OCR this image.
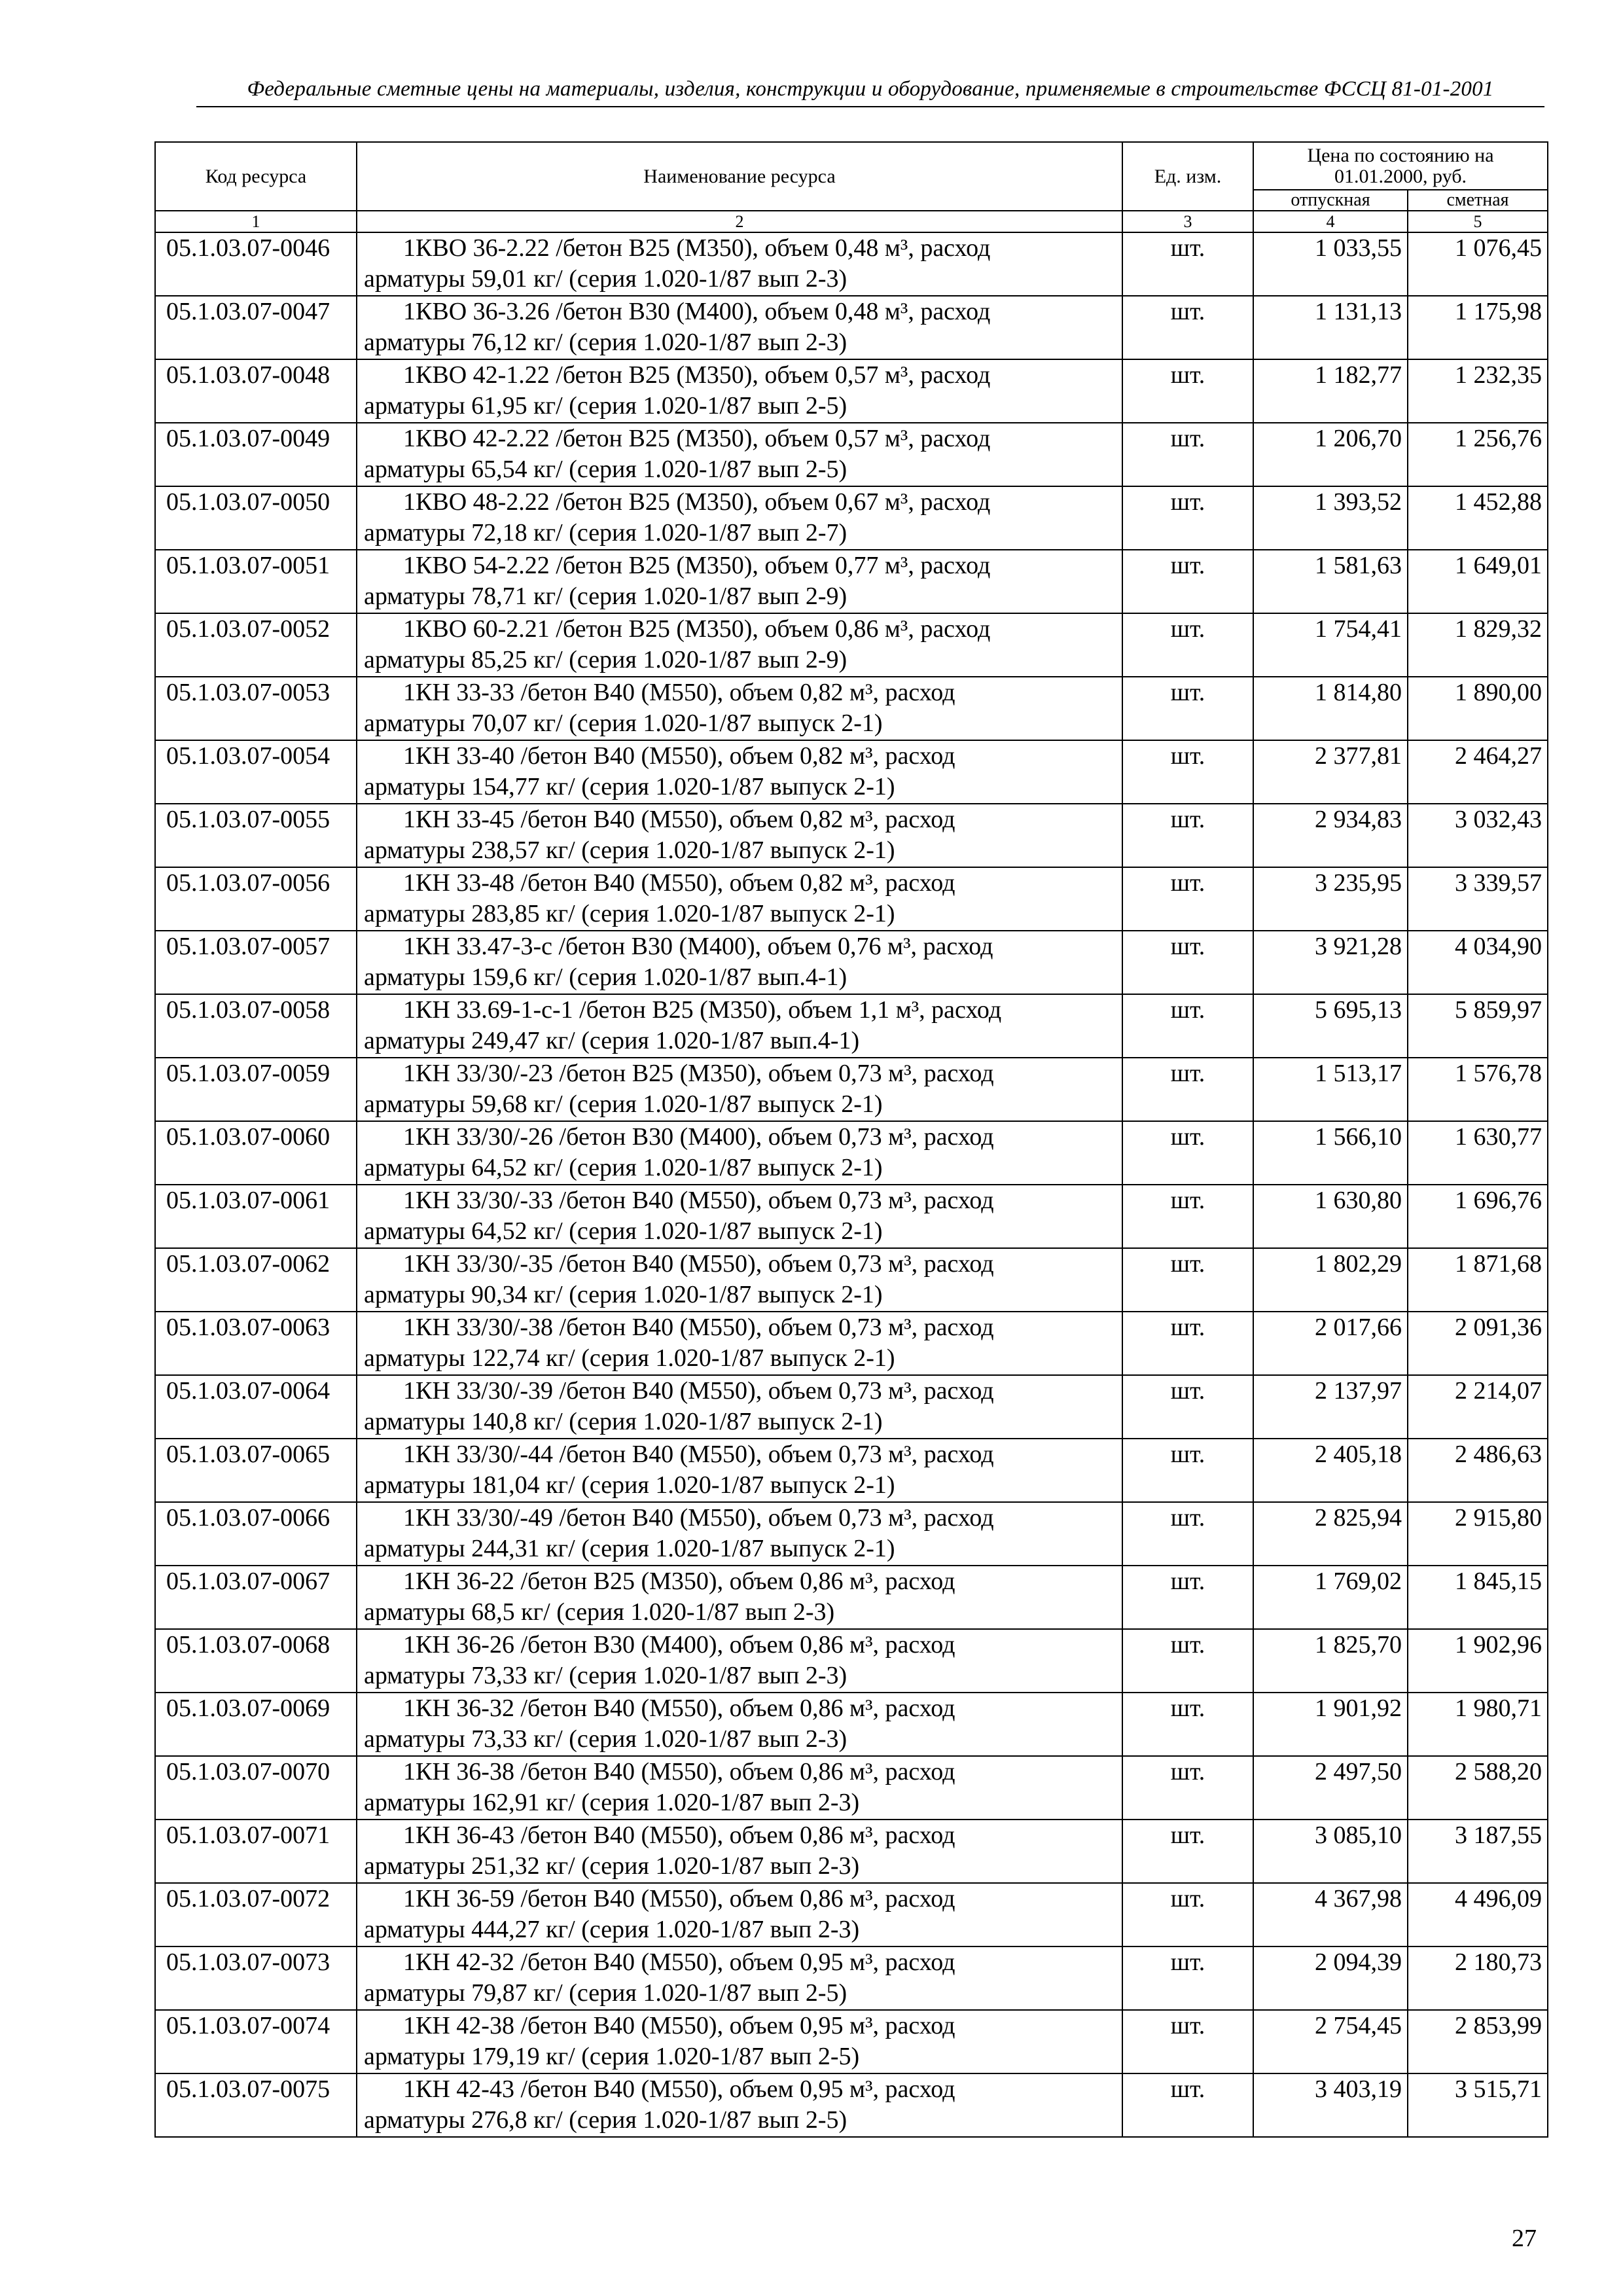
Федеральные сметные цены на материалы, изделия, конструкции и оборудование, применяемые в строительстве ФССЦ 81-01-2001
Код ресурса	Наименование ресурса	Ед. изм.	Цена по состоянию на
01.01.2000, руб.	

			отпускная	сметная
1	2	3	4	5
05.1.03.07-0046	1КВО 36-2.22 /бетон В25 (М350), объем 0,48 м³, расход
арматуры 59,01 кг/ (серия 1.020-1/87 вып 2-3)	шт.	1 033,55	1 076,45
05.1.03.07-0047	1КВО 36-3.26 /бетон В30 (М400), объем 0,48 м³, расход
арматуры 76,12 кг/ (серия 1.020-1/87 вып 2-3)	шт.	1 131,13	1 175,98
05.1.03.07-0048	1КВО 42-1.22 /бетон В25 (М350), объем 0,57 м³, расход
арматуры 61,95 кг/ (серия 1.020-1/87 вып 2-5)	шт.	1 182,77	1 232,35
05.1.03.07-0049	1КВО 42-2.22 /бетон В25 (М350), объем 0,57 м³, расход
арматуры 65,54 кг/ (серия 1.020-1/87 вып 2-5)	шт.	1 206,70	1 256,76
05.1.03.07-0050	1КВО 48-2.22 /бетон В25 (М350), объем 0,67 м³, расход
арматуры 72,18 кг/ (серия 1.020-1/87 вып 2-7)	шт.	1 393,52	1 452,88
05.1.03.07-0051	1КВО 54-2.22 /бетон В25 (М350), объем 0,77 м³, расход
арматуры 78,71 кг/ (серия 1.020-1/87 вып 2-9)	шт.	1 581,63	1 649,01
05.1.03.07-0052	1КВО 60-2.21 /бетон В25 (М350), объем 0,86 м³, расход
арматуры 85,25 кг/ (серия 1.020-1/87 вып 2-9)	шт.	1 754,41	1 829,32
05.1.03.07-0053	1КН 33-33 /бетон В40 (М550), объем 0,82 м³, расход
арматуры 70,07 кг/ (серия 1.020-1/87 выпуск 2-1)	шт.	1 814,80	1 890,00
05.1.03.07-0054	1КН 33-40 /бетон В40 (М550), объем 0,82 м³, расход
арматуры 154,77 кг/ (серия 1.020-1/87 выпуск 2-1)	шт.	2 377,81	2 464,27
05.1.03.07-0055	1КН 33-45 /бетон В40 (М550), объем 0,82 м³, расход
арматуры 238,57 кг/ (серия 1.020-1/87 выпуск 2-1)	шт.	2 934,83	3 032,43
05.1.03.07-0056	1КН 33-48 /бетон В40 (М550), объем 0,82 м³, расход
арматуры 283,85 кг/ (серия 1.020-1/87 выпуск 2-1)	шт.	3 235,95	3 339,57
05.1.03.07-0057	1КН 33.47-3-с /бетон В30 (М400), объем 0,76 м³, расход
арматуры 159,6 кг/ (серия 1.020-1/87 вып.4-1)	шт.	3 921,28	4 034,90
05.1.03.07-0058	1КН 33.69-1-с-1 /бетон В25 (М350), объем 1,1 м³, расход
арматуры 249,47 кг/ (серия 1.020-1/87 вып.4-1)	шт.	5 695,13	5 859,97
05.1.03.07-0059	1КН 33/30/-23 /бетон В25 (М350), объем 0,73 м³, расход
арматуры 59,68 кг/ (серия 1.020-1/87 выпуск 2-1)	шт.	1 513,17	1 576,78
05.1.03.07-0060	1КН 33/30/-26 /бетон В30 (М400), объем 0,73 м³, расход
арматуры 64,52 кг/ (серия 1.020-1/87 выпуск 2-1)	шт.	1 566,10	1 630,77
05.1.03.07-0061	1КН 33/30/-33 /бетон В40 (М550), объем 0,73 м³, расход
арматуры 64,52 кг/ (серия 1.020-1/87 выпуск 2-1)	шт.	1 630,80	1 696,76
05.1.03.07-0062	1КН 33/30/-35 /бетон В40 (М550), объем 0,73 м³, расход
арматуры 90,34 кг/ (серия 1.020-1/87 выпуск 2-1)	шт.	1 802,29	1 871,68
05.1.03.07-0063	1КН 33/30/-38 /бетон В40 (М550), объем 0,73 м³, расход
арматуры 122,74 кг/ (серия 1.020-1/87 выпуск 2-1)	шт.	2 017,66	2 091,36
05.1.03.07-0064	1КН 33/30/-39 /бетон В40 (М550), объем 0,73 м³, расход
арматуры 140,8 кг/ (серия 1.020-1/87 выпуск 2-1)	шт.	2 137,97	2 214,07
05.1.03.07-0065	1КН 33/30/-44 /бетон В40 (М550), объем 0,73 м³, расход
арматуры 181,04 кг/ (серия 1.020-1/87 выпуск 2-1)	шт.	2 405,18	2 486,63
05.1.03.07-0066	1КН 33/30/-49 /бетон В40 (М550), объем 0,73 м³, расход
арматуры 244,31 кг/ (серия 1.020-1/87 выпуск 2-1)	шт.	2 825,94	2 915,80
05.1.03.07-0067	1КН 36-22 /бетон В25 (М350), объем 0,86 м³, расход
арматуры 68,5 кг/ (серия 1.020-1/87 вып 2-3)	шт.	1 769,02	1 845,15
05.1.03.07-0068	1КН 36-26 /бетон В30 (М400), объем 0,86 м³, расход
арматуры 73,33 кг/ (серия 1.020-1/87 вып 2-3)	шт.	1 825,70	1 902,96
05.1.03.07-0069	1КН 36-32 /бетон В40 (М550), объем 0,86 м³, расход
арматуры 73,33 кг/ (серия 1.020-1/87 вып 2-3)	шт.	1 901,92	1 980,71
05.1.03.07-0070	1КН 36-38 /бетон В40 (М550), объем 0,86 м³, расход
арматуры 162,91 кг/ (серия 1.020-1/87 вып 2-3)	шт.	2 497,50	2 588,20
05.1.03.07-0071	1КН 36-43 /бетон В40 (М550), объем 0,86 м³, расход
арматуры 251,32 кг/ (серия 1.020-1/87 вып 2-3)	шт.	3 085,10	3 187,55
05.1.03.07-0072	1КН 36-59 /бетон В40 (М550), объем 0,86 м³, расход
арматуры 444,27 кг/ (серия 1.020-1/87 вып 2-3)	шт.	4 367,98	4 496,09
05.1.03.07-0073	1КН 42-32 /бетон В40 (М550), объем 0,95 м³, расход
арматуры 79,87 кг/ (серия 1.020-1/87 вып 2-5)	шт.	2 094,39	2 180,73
05.1.03.07-0074	1КН 42-38 /бетон В40 (М550), объем 0,95 м³, расход
арматуры 179,19 кг/ (серия 1.020-1/87 вып 2-5)	шт.	2 754,45	2 853,99
05.1.03.07-0075	1КН 42-43 /бетон В40 (М550), объем 0,95 м³, расход
арматуры 276,8 кг/ (серия 1.020-1/87 вып 2-5)	шт.	3 403,19	3 515,71
27
